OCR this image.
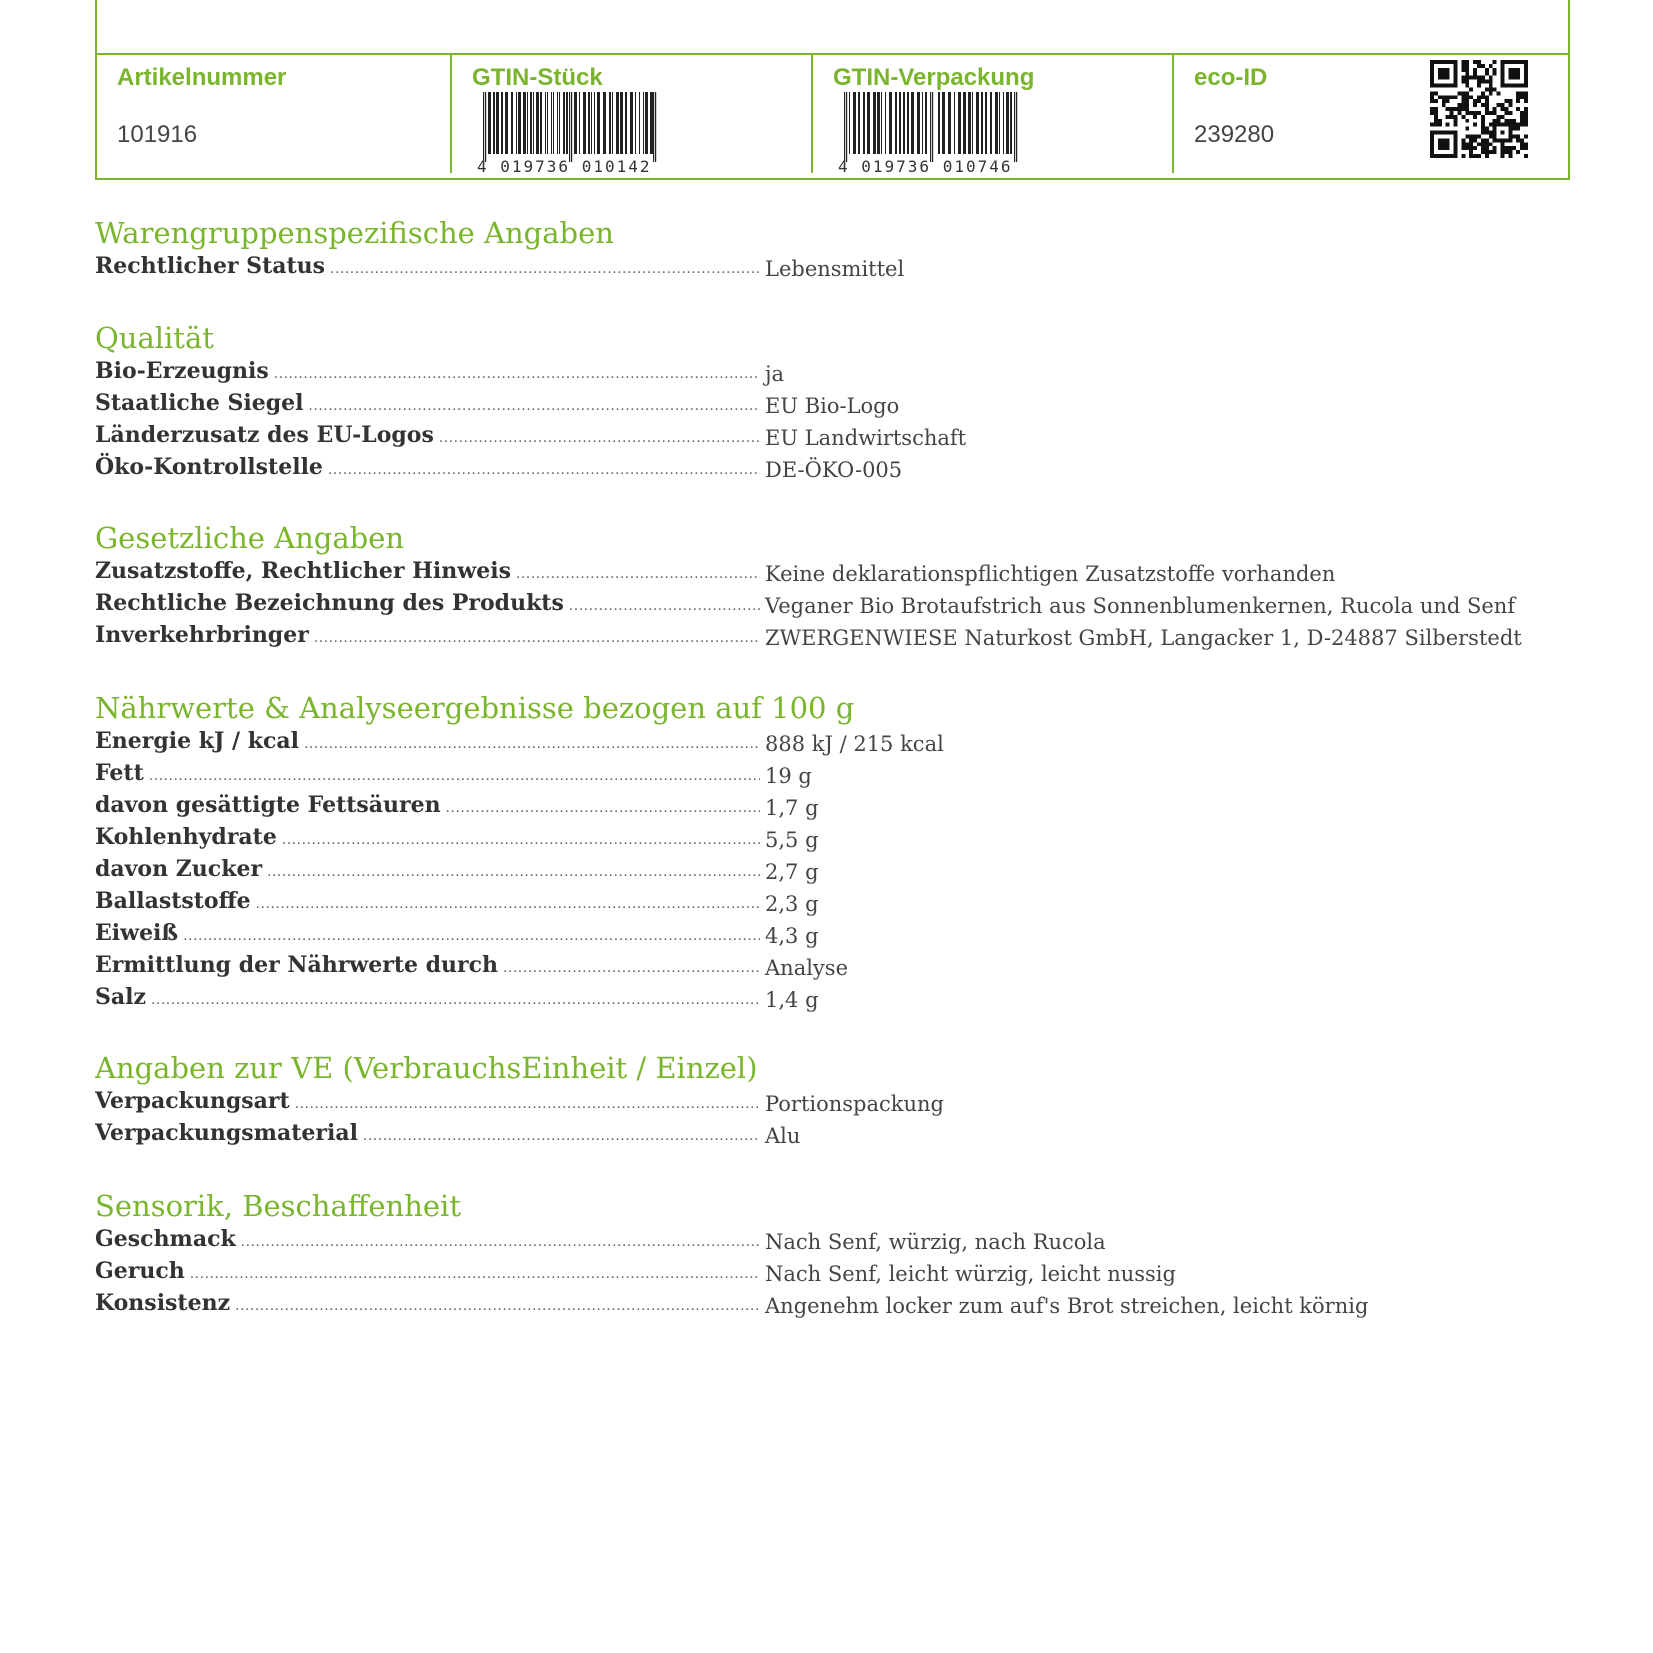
Artikelnummer
101916
GTIN-Stück
4 019736 010142
GTIN-Verpackung
4 019736 010746
eco-ID
239280
Warengruppenspezifische Angaben
Rechtlicher Status .....	Lebensmittel
Qualität
Bio-Erzeugnis .....	ja
Staatliche Siegel .....	EU Bio-Logo
Länderzusatz des EU-Logos .....	EU Landwirtschaft
Öko-Kontrollstelle .....	DE-ÖKO-005
Gesetzliche Angaben
Zusatzstoffe, Rechtlicher Hinweis .....	Keine deklarationspflichtigen Zusatzstoffe vorhanden
Rechtliche Bezeichnung des Produkts .....	Veganer Bio Brotaufstrich aus Sonnenblumenkernen, Rucola und Senf
Inverkehrbringer .....	ZWERGENWIESE Naturkost GmbH, Langacker 1, D-24887 Silberstedt
Nährwerte & Analyseergebnisse bezogen auf 100 g
Energie kJ / kcal .....	888 kJ / 215 kcal
Fett .....	19 g
davon gesättigte Fettsäuren .....	1,7 g
Kohlenhydrate .....	5,5 g
davon Zucker .....	2,7 g
Ballaststoffe .....	2,3 g
Eiweiß .....	4,3 g
Ermittlung der Nährwerte durch .....	Analyse
Salz .....	1,4 g
Angaben zur VE (VerbrauchsEinheit / Einzel)
Verpackungsart .....	Portionspackung
Verpackungsmaterial .....	Alu
Sensorik, Beschaffenheit
Geschmack .....	Nach Senf, würzig, nach Rucola
Geruch .....	Nach Senf, leicht würzig, leicht nussig
Konsistenz .....	Angenehm locker zum auf's Brot streichen, leicht körnig
